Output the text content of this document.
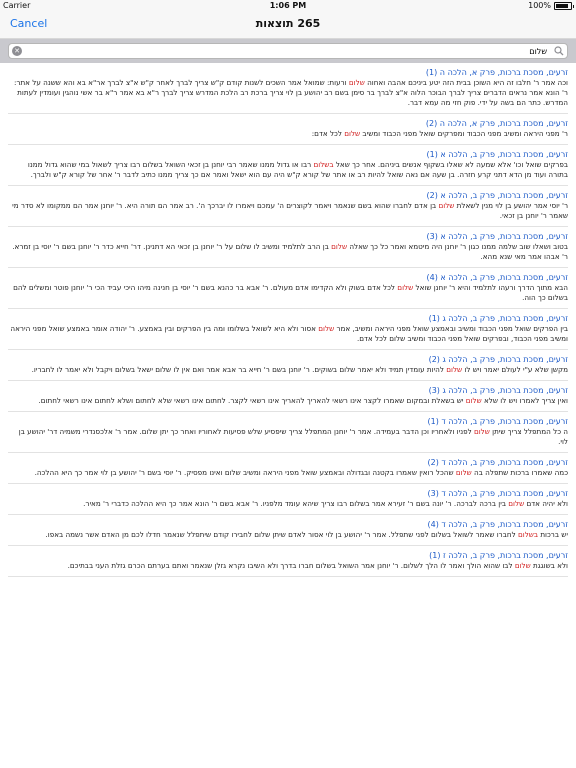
Carrier	1:06 PM	100%
Cancel	265 תוצאות
✕
שלום
זרעים, מסכת ברכות, פרק א, הלכה ה (1)
וכה אמר ר' חלבו זה היא השוכן בבית הזה יטע ביניכם אהבה ואחוה שלום ורעות: שמואל אמר השכים לשנות קודם ק"ש צריך לברך לאחר ק"ש א"צ לברך אר"א בא והא ששנה על אתר: ר' הונא אמר נראים הדברים צריך לברך הבוכר הלוה א"צ לברך בר סימן בשם רב יהושע בן לוי צריך ברכת רב הלכת המדרש צריך לברך ר"א בא אמר ר"א בר אשי נוהגין ועומדין לעתות המדרש. כתר הם בשה על ידי. פוק חזי מה עמא דבר.
זרעים, מסכת ברכות, פרק א, הלכה ה (2)
ר' מפני היראה ומשיב מפני הכבוד ומפרקים שואל מפני הכבוד ומשיב שלום לכל אדם:
זרעים, מסכת ברכות, פרק ב, הלכה א (1)
בפרקים שואל וכו' אלא שמעה לא שאלו בשקוף אנשים ביניהם. אחר כך שאל בשלום רבו או גדול ממנו שאמר רבי יוחנן בן זכאי השואל בשלום רבו צריך לשאול במי שהוא גדול ממנו בתורה ועוד מן הדא דתני קרע חזרה. בן שעה אם נאה שואל להיות רב או אתר של קורא ק"ש היה עם הוא ישאל ואמר אם כך צריך ממנו כתיב לדבר ר' אחר של קורא ק"ש ולברך.
זרעים, מסכת ברכות, פרק ב, הלכה א (2)
ר' יוסי אמר יהושע בן לוי מנין לשאלת שלום בן אדם לחברו שהוא בשם שנאמר ויאמר לקוצרים ה' עמכם ויאמרו לו יברכך ה'. רב אמר הם תורה היא. ר' יוחנן אמר הם ממקומו לא סדר מי שאמר ר' יוחנן בן זכאי.
זרעים, מסכת ברכות, פרק ב, הלכה א (3)
בטוב ושאלו שוב שלמה ממנו כגון ר' יוחנן היה מיטמא ואמר כל כך שאלה שלום בן הרב לתלמיד ומשיב לו שלום על ר' יוחנן בן זכאי הא דתנינן. דר' חייא כדר ר' יוחנן בשם ר' יוסי בן זמרא. ר' אבהו אמר מאי שנא מהא.
זרעים, מסכת ברכות, פרק ב, הלכה א (4)
הבא מתוך הדרך ורעהו לתלמיד והיא ר' יוחנן שואל שלום לכל אדם בשוק ולא הקדימו אדם מעולם. ר' אבא בר כהנא בשם ר' יוסי בן חנינה מיהו היכי עביד הכי ר' יוחנן פוטר ומשלים להם בשלום כך הוה.
זרעים, מסכת ברכות, פרק ב, הלכה ג (1)
בין הפרקים שואל מפני הכבוד ומשיב ובאמצע שואל מפני היראה ומשיב, אמר שלום אסור ולא היא לשואל בשלומו ומה בין הפרקים ובין באמצע. ר' יהודה אומר באמצע שואל מפני היראה ומשיב מפני הכבוד, ובפרקים שואל מפני הכבוד ומשיב שלום לכל אדם.
זרעים, מסכת ברכות, פרק ב, הלכה ג (2)
מקשן שלא ע"י לעולם יאמר ויש לו שלום להיות עומדין תמיד ולא יאמר שלום בשוקים. ר' יוחנן בשם ר' חייא בר אבא אמר ואם אין לו שלום ישאל בשלום ויקבל ולא יאמר לו לחבריו.
זרעים, מסכת ברכות, פרק ב, הלכה ג (3)
ואין צריך לאמרו ויש לו שלא שלום יש בשאלת ובמקום שאמרו לקצר אינו רשאי להאריך להאריך אינו רשאי לקצר. לחתום אינו רשאי שלא לחתום ושלא לחתום אינו רשאי לחתום.
זרעים, מסכת ברכות, פרק ב, הלכה ד (1)
ה כל המתפלל צריך שיתן שלום לפניו ולאחריו וכן הדבר בעמידה. אמר ר' יוחנן המתפלל צריך שיפסיע שלש פסיעות לאחוריו ואחר כך יתן שלום. אמר ר' אלכסנדרי משמיה דר' יהושע בן לוי.
זרעים, מסכת ברכות, פרק ב, הלכה ד (2)
כמה שאמרו ברכות שתפלה בה שלום שהכל רואין שאמרו בקטנה ובגדולה ובאמצע שואל מפני היראה ומשיב שלום ואינו מפסיק. ר' יוסי בשם ר' יהושע בן לוי אמר כך היא ההלכה.
זרעים, מסכת ברכות, פרק ב, הלכה ד (3)
ולא יהיה אדם שלום בין ברכה לברכה. ר' יונה בשם ר' זעירא אמר בשלום רבו צריך שיהא עומד מלפניו. ר' אבא בשם ר' הונא אמר כך היא ההלכה כדברי ר' מאיר.
זרעים, מסכת ברכות, פרק ב, הלכה ד (4)
יש ברכות בשלום לחברו שאמר לשואל בשלום לפני שתפלל. אמר ר' יהושע בן לוי אסור לאדם שיתן שלום לחבירו קודם שיתפלל שנאמר חדלו לכם מן האדם אשר נשמה באפו.
זרעים, מסכת ברכות, פרק ב, הלכה ז (1)
ולא בשוגגת שלום לבו שהוא הולך ואמר לו הלך לשלום. ר' יוחנן אמר השואל בשלום חברו בדרך ולא השיבו נקרא גזלן שנאמר ואתם בערתם הכרם גזלת העני בבתיכם.
